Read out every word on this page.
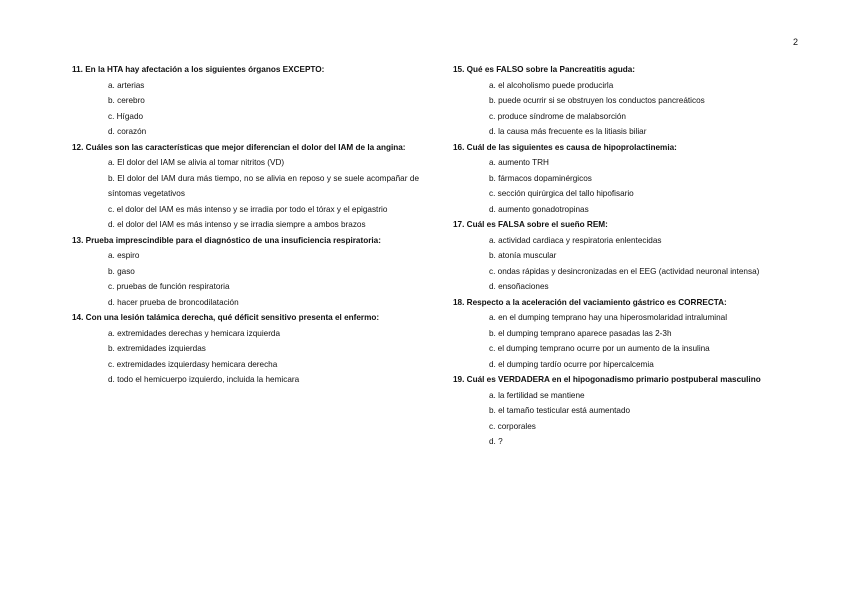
2
11. En la HTA hay afectación a los siguientes órganos EXCEPTO:
a. arterias
b. cerebro
c. Hígado
d. corazón
12. Cuáles son las características que mejor diferencian el dolor del IAM de la angina:
a. El dolor del IAM se alivia al tomar nitritos (VD)
b. El dolor del IAM dura más tiempo, no se alivia en reposo y se suele acompañar de síntomas vegetativos
c. el dolor del IAM es más intenso y se irradia por todo el tórax y el epigastrio
d. el dolor del IAM es más intenso y se irradia siempre a ambos brazos
13. Prueba imprescindible para el diagnóstico de una insuficiencia respiratoria:
a. espiro
b. gaso
c. pruebas de función respiratoria
d. hacer prueba de broncodilatación
14. Con una lesión talámica derecha, qué déficit sensitivo presenta el enfermo:
a. extremidades derechas y hemicara izquierda
b. extremidades izquierdas
c. extremidades izquierdasy hemicara derecha
d. todo el hemicuerpo izquierdo, incluida la hemicara
15. Qué es FALSO sobre la Pancreatitis aguda:
a. el alcoholismo puede producirla
b. puede ocurrir si se obstruyen los conductos pancreáticos
c. produce síndrome de malabsorción
d. la causa más frecuente es la litiasis biliar
16. Cuál de las siguientes es causa de hipoprolactinemia:
a. aumento TRH
b. fármacos dopaminérgicos
c. sección quirúrgica del tallo hipofisario
d. aumento gonadotropinas
17. Cuál es FALSA sobre el sueño REM:
a. actividad cardiaca y respiratoria enlentecidas
b. atonía muscular
c. ondas rápidas y desincronizadas en el EEG (actividad neuronal intensa)
d. ensoñaciones
18. Respecto a la aceleración del vaciamiento gástrico es CORRECTA:
a. en el dumping temprano hay una hiperosmolaridad intraluminal
b. el dumping temprano aparece pasadas las 2-3h
c. el dumping temprano ocurre por un aumento de la insulina
d. el dumping tardío ocurre por hipercalcemia
19. Cuál es VERDADERA en el hipogonadismo primario postpuberal masculino
a. la fertilidad se mantiene
b. el tamaño testicular está aumentado
c. corporales
d. ?
